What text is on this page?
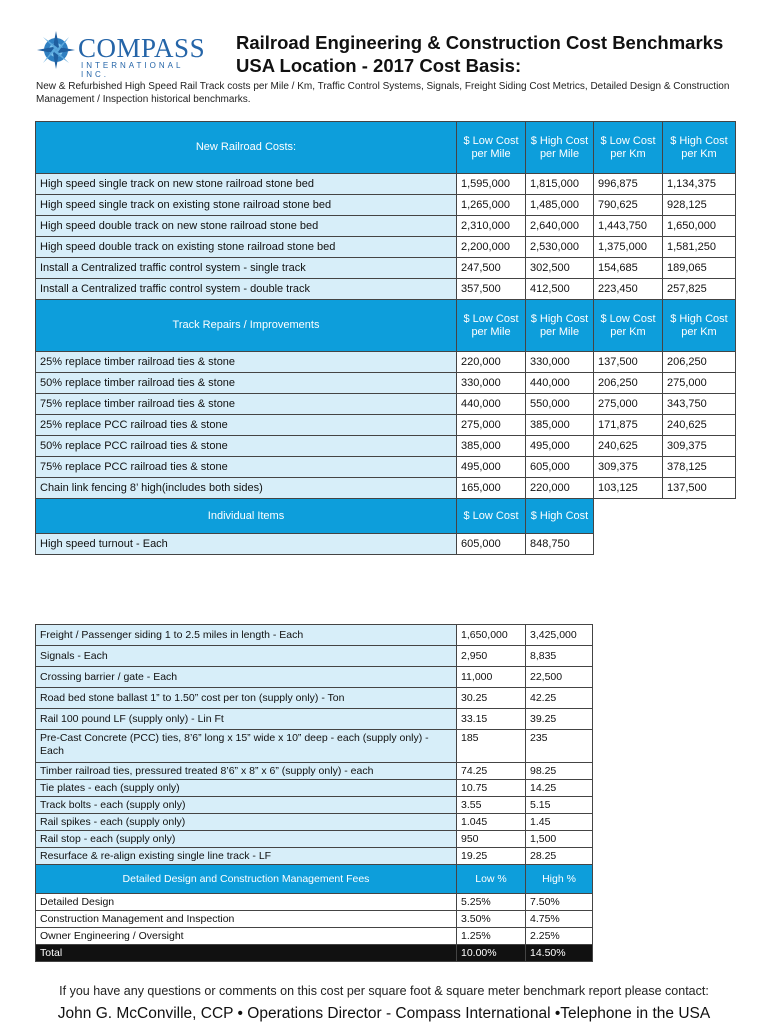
COMPASS
INTERNATIONAL INC.
Railroad Engineering & Construction Cost Benchmarks
USA Location - 2017 Cost Basis:
New & Refurbished High Speed Rail Track costs per Mile / Km, Traffic Control Systems, Signals, Freight Siding Cost Metrics, Detailed Design & Construction Management / Inspection historical benchmarks.
New Railroad Costs:	$ Low Cost per Mile	$ High Cost per Mile	$ Low Cost per Km	$ High Cost per Km
High speed single track on new stone railroad stone bed	1,595,000	1,815,000	996,875	1,134,375
High speed single track on existing stone railroad stone bed	1,265,000	1,485,000	790,625	928,125
High speed double track on new stone railroad stone bed	2,310,000	2,640,000	1,443,750	1,650,000
High speed double track on existing stone railroad stone bed	2,200,000	2,530,000	1,375,000	1,581,250
Install a Centralized traffic control system - single track	247,500	302,500	154,685	189,065
Install a Centralized traffic control system - double track	357,500	412,500	223,450	257,825
Track Repairs / Improvements	$ Low Cost per Mile	$ High Cost per Mile	$ Low Cost per Km	$ High Cost per Km
25% replace timber railroad ties & stone	220,000	330,000	137,500	206,250
50% replace timber railroad ties & stone	330,000	440,000	206,250	275,000
75% replace timber railroad ties & stone	440,000	550,000	275,000	343,750
25% replace PCC railroad ties & stone	275,000	385,000	171,875	240,625
50% replace PCC railroad ties & stone	385,000	495,000	240,625	309,375
75% replace PCC railroad ties & stone	495,000	605,000	309,375	378,125
Chain link fencing 8’ high(includes both sides)	165,000	220,000	103,125	137,500
Individual Items	$ Low Cost	$ High Cost		
High speed turnout - Each	605,000	848,750		
Freight / Passenger siding 1 to 2.5 miles in length - Each	1,650,000	3,425,000
Signals - Each	2,950	8,835
Crossing barrier / gate - Each	11,000	22,500
Road bed stone ballast 1” to 1.50” cost per ton (supply only) - Ton	30.25	42.25
Rail 100 pound LF (supply only) - Lin Ft	33.15	39.25
Pre-Cast Concrete (PCC) ties, 8’6” long x 15” wide x 10” deep - each (supply only) - Each	185	235
Timber railroad ties, pressured treated 8’6” x 8” x 6” (supply only) - each	74.25	98.25
Tie plates - each (supply only)	10.75	14.25
Track bolts - each (supply only)	3.55	5.15
Rail spikes - each (supply only)	1.045	1.45
Rail stop - each (supply only)	950	1,500
Resurface & re-align existing single line track - LF	19.25	28.25
Detailed Design and Construction Management Fees	Low %	High %
Detailed Design	5.25%	7.50%
Construction Management and Inspection	3.50%	4.75%
Owner Engineering / Oversight	1.25%	2.25%
Total	10.00%	14.50%
If you have any questions or comments on this cost per square foot & square meter benchmark report please contact:
John G. McConville, CCP • Operations Director - Compass International •Telephone in the USA
